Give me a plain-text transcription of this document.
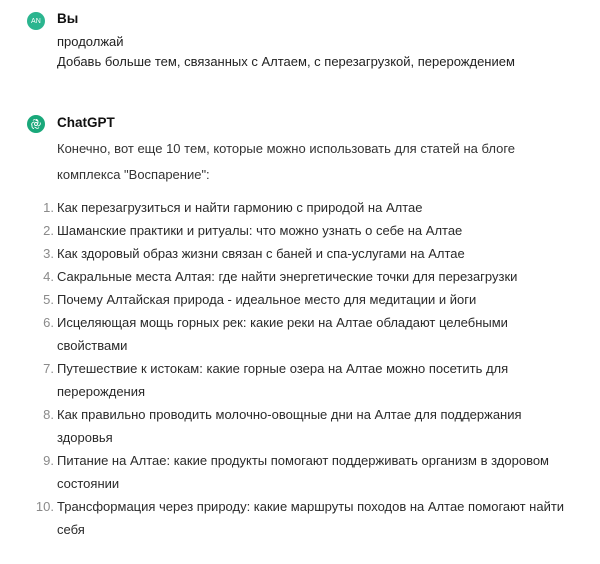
AN Вы
продолжай
Добавь больше тем, связанных с Алтаем, с перезагрузкой, перерождением
ChatGPT
Конечно, вот еще 10 тем, которые можно использовать для статей на блоге комплекса "Воспарение":
1. Как перезагрузиться и найти гармонию с природой на Алтае
2. Шаманские практики и ритуалы: что можно узнать о себе на Алтае
3. Как здоровый образ жизни связан с баней и спа-услугами на Алтае
4. Сакральные места Алтая: где найти энергетические точки для перезагрузки
5. Почему Алтайская природа - идеальное место для медитации и йоги
6. Исцеляющая мощь горных рек: какие реки на Алтае обладают целебными свойствами
7. Путешествие к истокам: какие горные озера на Алтае можно посетить для перерождения
8. Как правильно проводить молочно-овощные дни на Алтае для поддержания здоровья
9. Питание на Алтае: какие продукты помогают поддерживать организм в здоровом состоянии
10. Трансформация через природу: какие маршруты походов на Алтае помогают найти себя
